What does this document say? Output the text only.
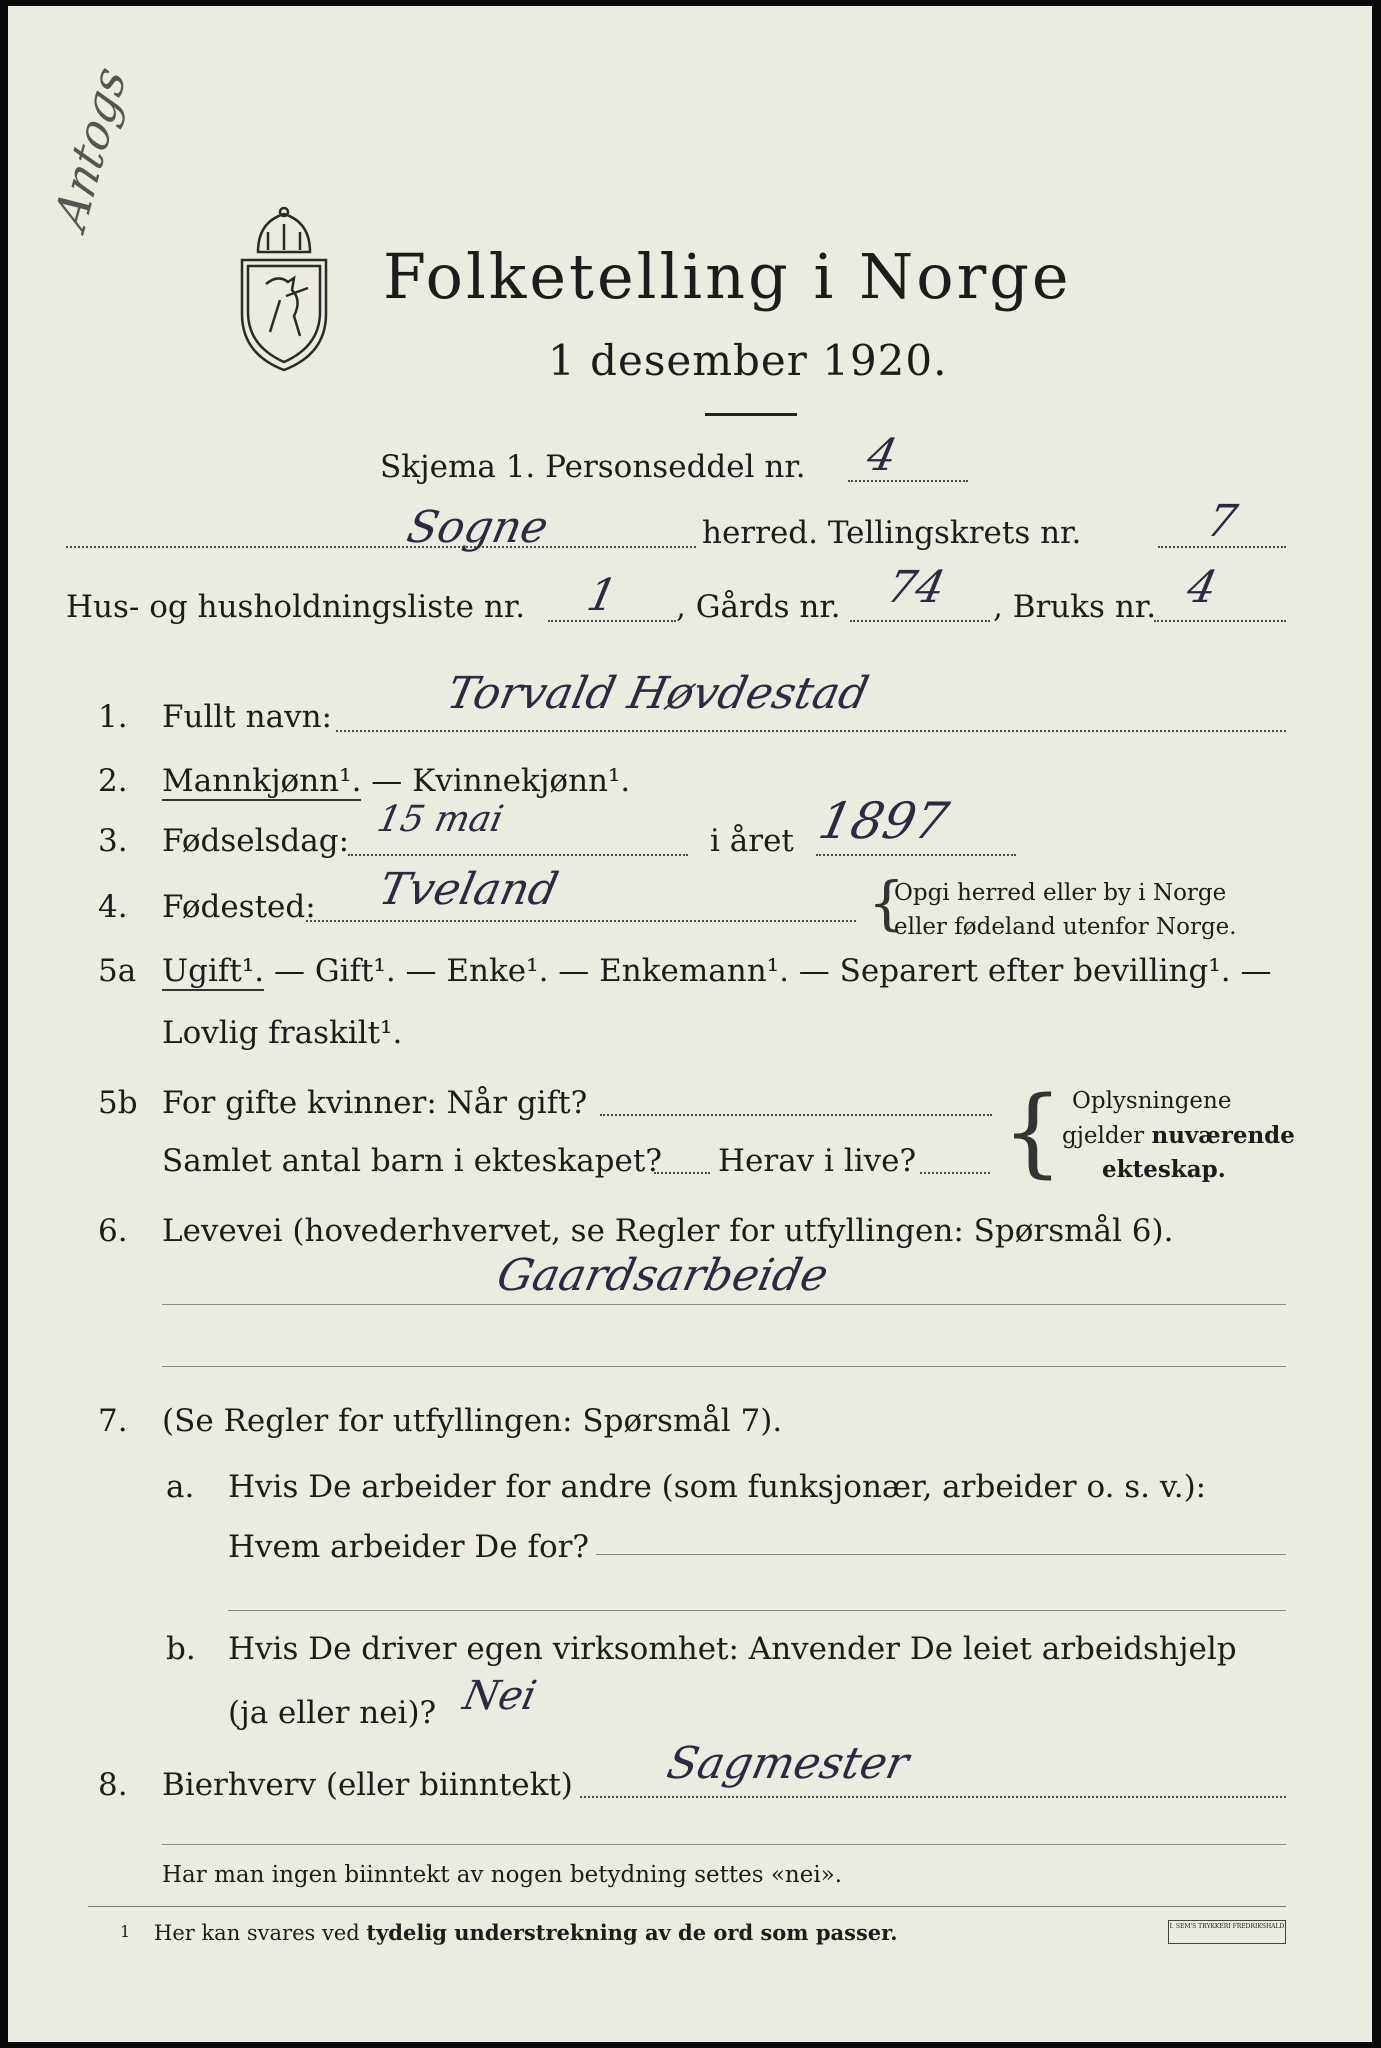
Antogs
Folketelling i Norge
1 desember 1920.
Skjema 1. Personseddel nr. 4
Sogne	herred. Tellingskrets nr.	7
Hus- og husholdningsliste nr. 1 , Gårds nr. 74 , Bruks nr. 4
1. Fullt navn:	Torvald Høvdestad
2. Mannkjønn¹. — Kvinnekjønn¹.
3. Fødselsdag:
15 mai
i året 1897
4. Fødested: Tveland	{
Opgi herred eller by i Norge
eller fødeland utenfor Norge.
5a Ugift¹. — Gift¹. — Enke¹. — Enkemann¹. — Separert efter bevilling¹. —
Lovlig fraskilt¹.
5b For gifte kvinner: Når gift?
Samlet antal barn i ekteskapet? Herav i live? { Oplysningene
gjelder nuværende
ekteskap.
6. Levevei (hovederhvervet, se Regler for utfyllingen: Spørsmål 6).
Gaardsarbeide
7. (Se Regler for utfyllingen: Spørsmål 7).
a. Hvis De arbeider for andre (som funksjonær, arbeider o. s. v.):
Hvem arbeider De for?
b. Hvis De driver egen virksomhet: Anvender De leiet arbeidshjelp
(ja eller nei)? Nei
8. Bierhverv (eller biinntekt) Sagmester
Har man ingen biinntekt av nogen betydning settes «nei».
1 Her kan svares ved tydelig understrekning av de ord som passer.	I. SEM'S TRYKKERI FREDRIKSHALD
